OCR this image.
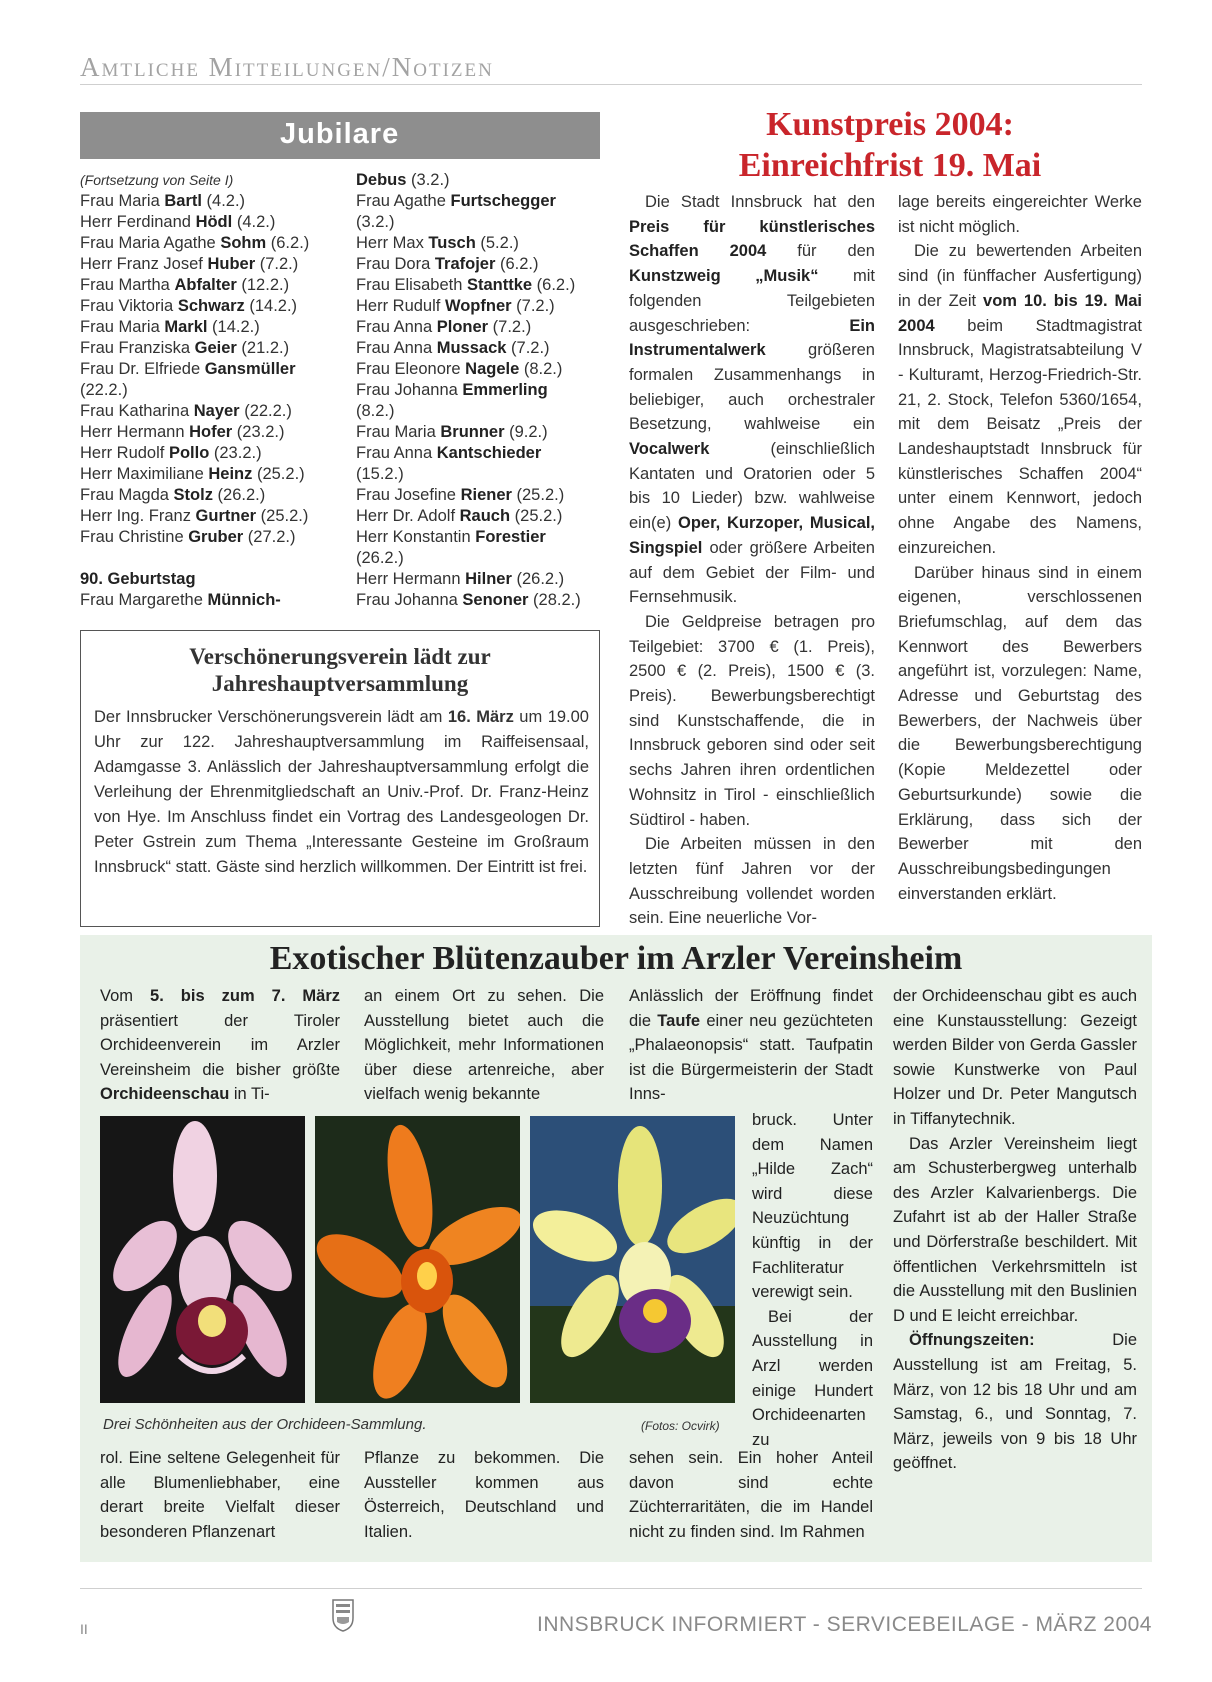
Amtliche Mitteilungen/Notizen
Jubilare
(Fortsetzung von Seite I)
Frau Maria Bartl (4.2.)
Herr Ferdinand Hödl (4.2.)
Frau Maria Agathe Sohm (6.2.)
Herr Franz Josef Huber (7.2.)
Frau Martha Abfalter (12.2.)
Frau Viktoria Schwarz (14.2.)
Frau Maria Markl (14.2.)
Frau Franziska Geier (21.2.)
Frau Dr. Elfriede Gansmüller
(22.2.)
Frau Katharina Nayer (22.2.)
Herr Hermann Hofer (23.2.)
Herr Rudolf Pollo (23.2.)
Herr Maximiliane Heinz (25.2.)
Frau Magda Stolz (26.2.)
Herr Ing. Franz Gurtner (25.2.)
Frau Christine Gruber (27.2.)
90. Geburtstag
Frau Margarethe Münnich-
Debus (3.2.)
Frau Agathe Furtschegger
(3.2.)
Herr Max Tusch (5.2.)
Frau Dora Trafojer (6.2.)
Frau Elisabeth Stanttke (6.2.)
Herr Rudulf Wopfner (7.2.)
Frau Anna Ploner (7.2.)
Frau Anna Mussack (7.2.)
Frau Eleonore Nagele (8.2.)
Frau Johanna Emmerling
(8.2.)
Frau Maria Brunner (9.2.)
Frau Anna Kantschieder
(15.2.)
Frau Josefine Riener (25.2.)
Herr Dr. Adolf Rauch (25.2.)
Herr Konstantin Forestier
(26.2.)
Herr Hermann Hilner (26.2.)
Frau Johanna Senoner (28.2.)
Verschönerungsverein lädt zur
Jahreshauptversammlung
Der Innsbrucker Verschönerungsverein lädt am 16. März um 19.00 Uhr zur 122. Jahreshauptversammlung im Raiffeisensaal, Adamgasse 3. Anlässlich der Jahreshauptversammlung erfolgt die Verleihung der Ehrenmitgliedschaft an Univ.-Prof. Dr. Franz-Heinz von Hye. Im Anschluss findet ein Vortrag des Landesgeologen Dr. Peter Gstrein zum Thema „Interessante Gesteine im Großraum Innsbruck“ statt. Gäste sind herzlich willkommen. Der Eintritt ist frei.
Kunstpreis 2004:
Einreichfrist 19. Mai

Die Stadt Innsbruck hat den Preis für künstlerisches Schaffen 2004 für den Kunstzweig „Musik“ mit folgenden Teilgebieten ausgeschrieben: Ein Instrumentalwerk größeren formalen Zusammenhangs in beliebiger, auch orchestraler Besetzung, wahlweise ein Vocalwerk (einschließlich Kantaten und Oratorien oder 5 bis 10 Lieder) bzw. wahlweise ein(e) Oper, Kurzoper, Musical, Singspiel oder größere Arbeiten auf dem Gebiet der Film- und Fernsehmusik.

Die Geldpreise betragen pro Teilgebiet: 3700 € (1. Preis), 2500 € (2. Preis), 1500 € (3. Preis). Bewerbungsberechtigt sind Kunstschaffende, die in Innsbruck geboren sind oder seit sechs Jahren ihren ordentlichen Wohnsitz in Tirol - einschließlich Südtirol - haben.

Die Arbeiten müssen in den letzten fünf Jahren vor der Ausschreibung vollendet worden sein. Eine neuerliche Vor-

lage bereits eingereichter Werke ist nicht möglich.

Die zu bewertenden Arbeiten sind (in fünffacher Ausfertigung) in der Zeit vom 10. bis 19. Mai 2004 beim Stadtmagistrat Innsbruck, Magistratsabteilung V - Kulturamt, Herzog-Friedrich-Str. 21, 2. Stock, Telefon 5360/1654, mit dem Beisatz „Preis der Landeshauptstadt Innsbruck für künstlerisches Schaffen 2004“ unter einem Kennwort, jedoch ohne Angabe des Namens, einzureichen.

Darüber hinaus sind in einem eigenen, verschlossenen Briefumschlag, auf dem das Kennwort des Bewerbers angeführt ist, vorzulegen: Name, Adresse und Geburtstag des Bewerbers, der Nachweis über die Bewerbungsberechtigung (Kopie Meldezettel oder Geburtsurkunde) sowie die Erklärung, dass sich der Bewerber mit den Ausschreibungsbedingungen einverstanden erklärt.

Exotischer Blütenzauber im Arzler Vereinsheim
Vom 5. bis zum 7. März präsentiert der Tiroler Orchideenverein im Arzler Vereinsheim die bisher größte Orchideenschau in Ti-
an einem Ort zu sehen. Die Ausstellung bietet auch die Möglichkeit, mehr Informationen über diese artenreiche, aber vielfach wenig bekannte
Anlässlich der Eröffnung findet die Taufe einer neu gezüchteten „Phalaeonopsis“ statt. Taufpatin ist die Bürgermeisterin der Stadt Inns-

bruck. Unter dem Namen „Hilde Zach“ wird diese Neuzüchtung künftig in der Fachliteratur verewigt sein.

Bei der Ausstellung in Arzl werden einige Hundert Orchideenarten zu

der Orchideenschau gibt es auch eine Kunstausstellung: Gezeigt werden Bilder von Gerda Gassler sowie Kunstwerke von Paul Holzer und Dr. Peter Mangutsch in Tiffanytechnik.

Das Arzler Vereinsheim liegt am Schusterbergweg unterhalb des Arzler Kalvarienbergs. Die Zufahrt ist ab der Haller Straße und Dörferstraße beschildert. Mit öffentlichen Verkehrsmitteln ist die Ausstellung mit den Buslinien D und E leicht erreichbar.

Öffnungszeiten: Die Ausstellung ist am Freitag, 5. März, von 12 bis 18 Uhr und am Samstag, 6., und Sonntag, 7. März, jeweils von 9 bis 18 Uhr geöffnet.

Drei Schönheiten aus der Orchideen-Sammlung.	(Fotos: Ocvirk)
rol. Eine seltene Gelegenheit für alle Blumenliebhaber, eine derart breite Vielfalt dieser besonderen Pflanzenart
Pflanze zu bekommen. Die Aussteller kommen aus Österreich, Deutschland und Italien.
sehen sein. Ein hoher Anteil davon sind echte Züchterraritäten, die im Handel nicht zu finden sind. Im Rahmen
II	INNSBRUCK INFORMIERT - SERVICEBEILAGE - MÄRZ 2004
